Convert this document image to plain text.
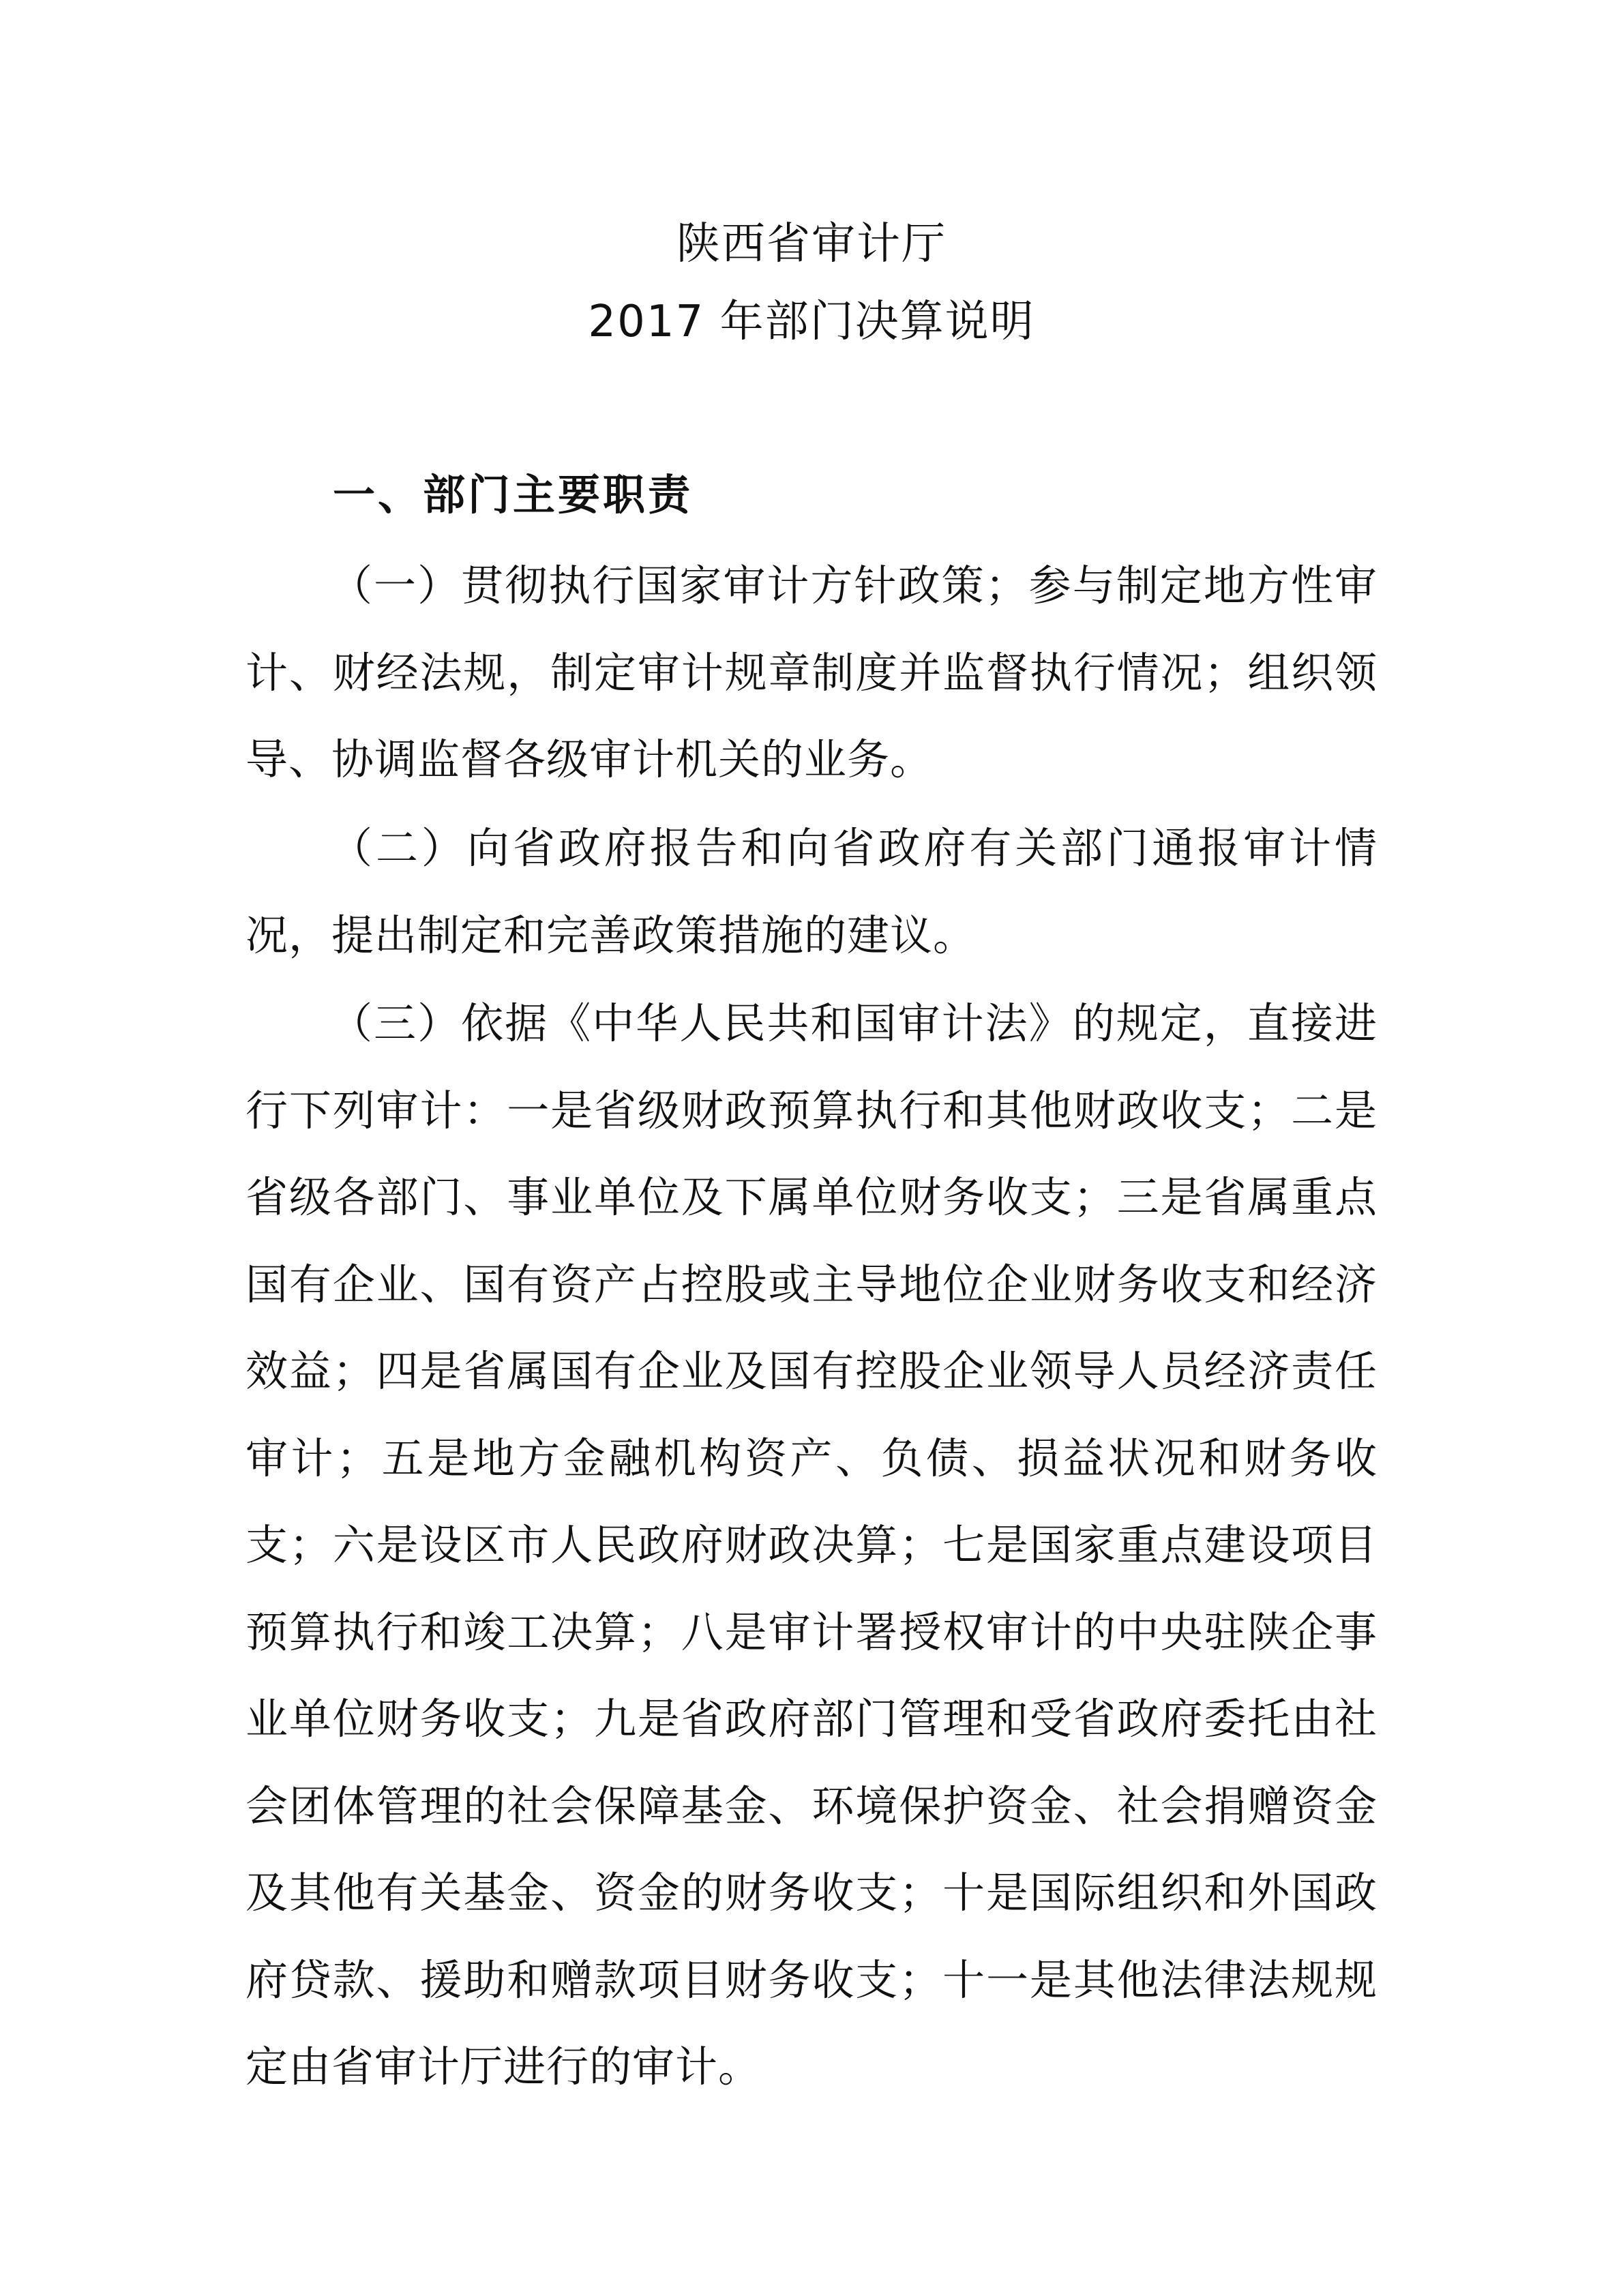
陕西省审计厅
2017 年部门决算说明
一、部门主要职责

（一）贯彻执行国家审计方针政策；参与制定地方性审计、财经法规，制定审计规章制度并监督执行情况；组织领导、协调监督各级审计机关的业务。

（二）向省政府报告和向省政府有关部门通报审计情况，提出制定和完善政策措施的建议。

（三）依据《中华人民共和国审计法》的规定，直接进行下列审计：一是省级财政预算执行和其他财政收支；二是省级各部门、事业单位及下属单位财务收支；三是省属重点国有企业、国有资产占控股或主导地位企业财务收支和经济效益；四是省属国有企业及国有控股企业领导人员经济责任审计；五是地方金融机构资产、负债、损益状况和财务收支；六是设区市人民政府财政决算；七是国家重点建设项目预算执行和竣工决算；八是审计署授权审计的中央驻陕企事业单位财务收支；九是省政府部门管理和受省政府委托由社会团体管理的社会保障基金、环境保护资金、社会捐赠资金及其他有关基金、资金的财务收支；十是国际组织和外国政府贷款、援助和赠款项目财务收支；十一是其他法律法规规定由省审计厅进行的审计。
